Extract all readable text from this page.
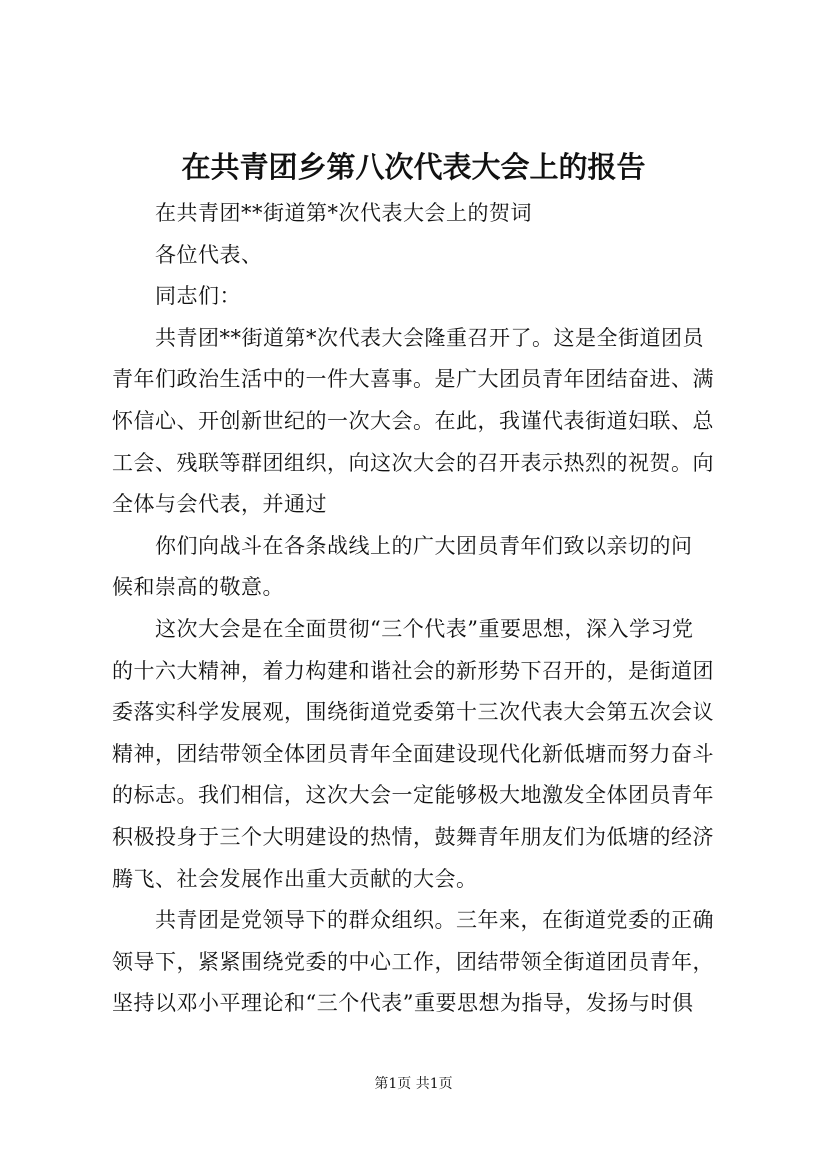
在共青团乡第八次代表大会上的报告
在共青团**街道第*次代表大会上的贺词
各位代表、
同志们：
共青团**街道第*次代表大会隆重召开了。这是全街道团员
青年们政治生活中的一件大喜事。是广大团员青年团结奋进、满
怀信心、开创新世纪的一次大会。在此，我谨代表街道妇联、总
工会、残联等群团组织，向这次大会的召开表示热烈的祝贺。向
全体与会代表，并通过
你们向战斗在各条战线上的广大团员青年们致以亲切的问
候和崇高的敬意。
这次大会是在全面贯彻“三个代表”重要思想，深入学习党
的十六大精神，着力构建和谐社会的新形势下召开的，是街道团
委落实科学发展观，围绕街道党委第十三次代表大会第五次会议
精神，团结带领全体团员青年全面建设现代化新低塘而努力奋斗
的标志。我们相信，这次大会一定能够极大地激发全体团员青年
积极投身于三个大明建设的热情，鼓舞青年朋友们为低塘的经济
腾飞、社会发展作出重大贡献的大会。
共青团是党领导下的群众组织。三年来，在街道党委的正确
领导下，紧紧围绕党委的中心工作，团结带领全街道团员青年，
坚持以邓小平理论和“三个代表”重要思想为指导，发扬与时俱
第1页 共1页
